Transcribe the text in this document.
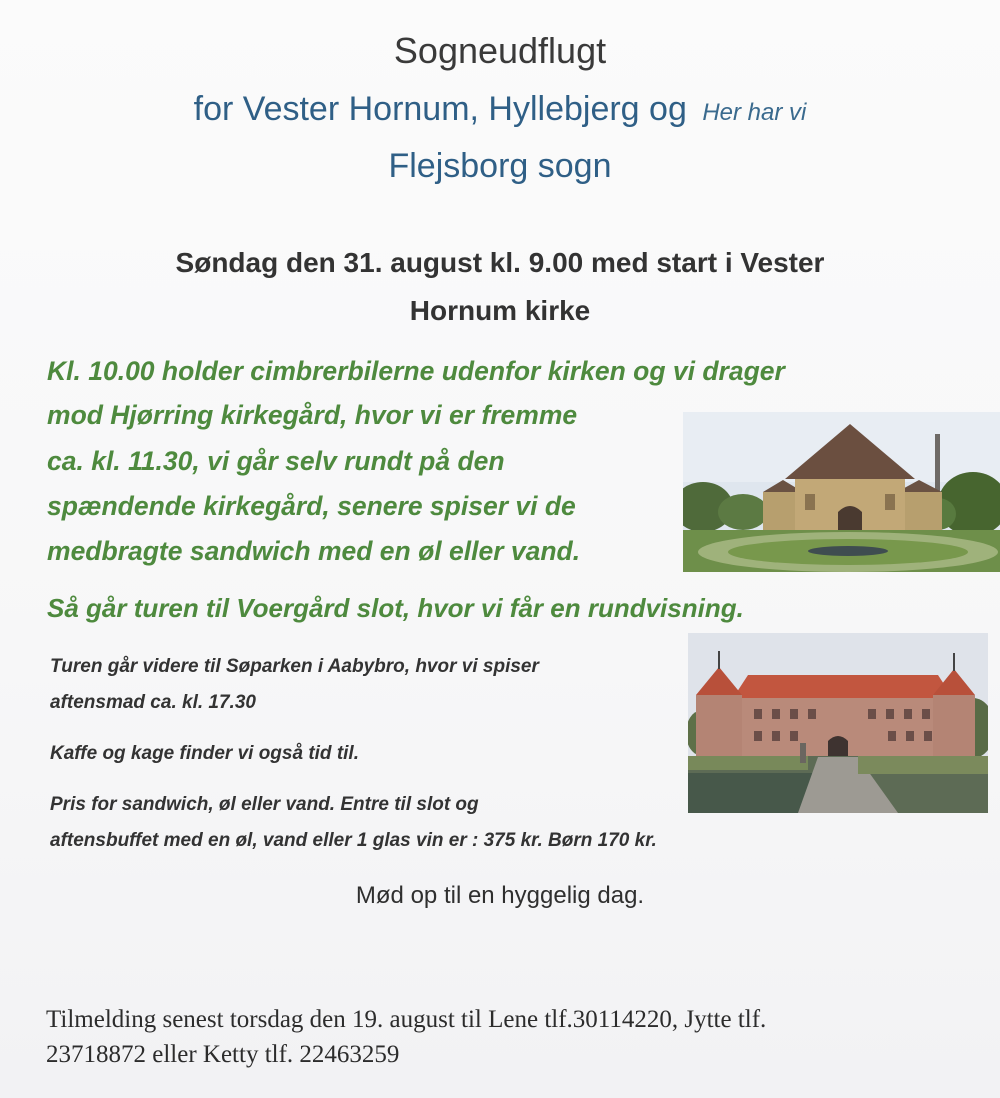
Sogneudflugt
for Vester Hornum, Hyllebjerg og Her har vi
Flejsborg sogn
Søndag den 31. august kl. 9.00 med start i Vester
Hornum kirke
Kl. 10.00 holder cimbrerbilerne udenfor kirken og vi drager
mod Hjørring kirkegård, hvor vi er fremme
ca. kl. 11.30, vi går selv rundt på den
spændende kirkegård, senere spiser vi de
medbragte sandwich med en øl eller vand.
Så går turen til Voergård slot, hvor vi får en rundvisning.
Turen går videre til Søparken i Aabybro, hvor vi spiser
aftensmad ca. kl. 17.30
Kaffe og kage finder vi også tid til.
Pris for sandwich, øl eller vand. Entre til slot og
aftensbuffet med en øl, vand eller 1 glas vin er : 375 kr. Børn 170 kr.
Mød op til en hyggelig dag.
Tilmelding senest torsdag den 19. august til Lene tlf.30114220, Jytte tlf.
23718872 eller Ketty tlf. 22463259
